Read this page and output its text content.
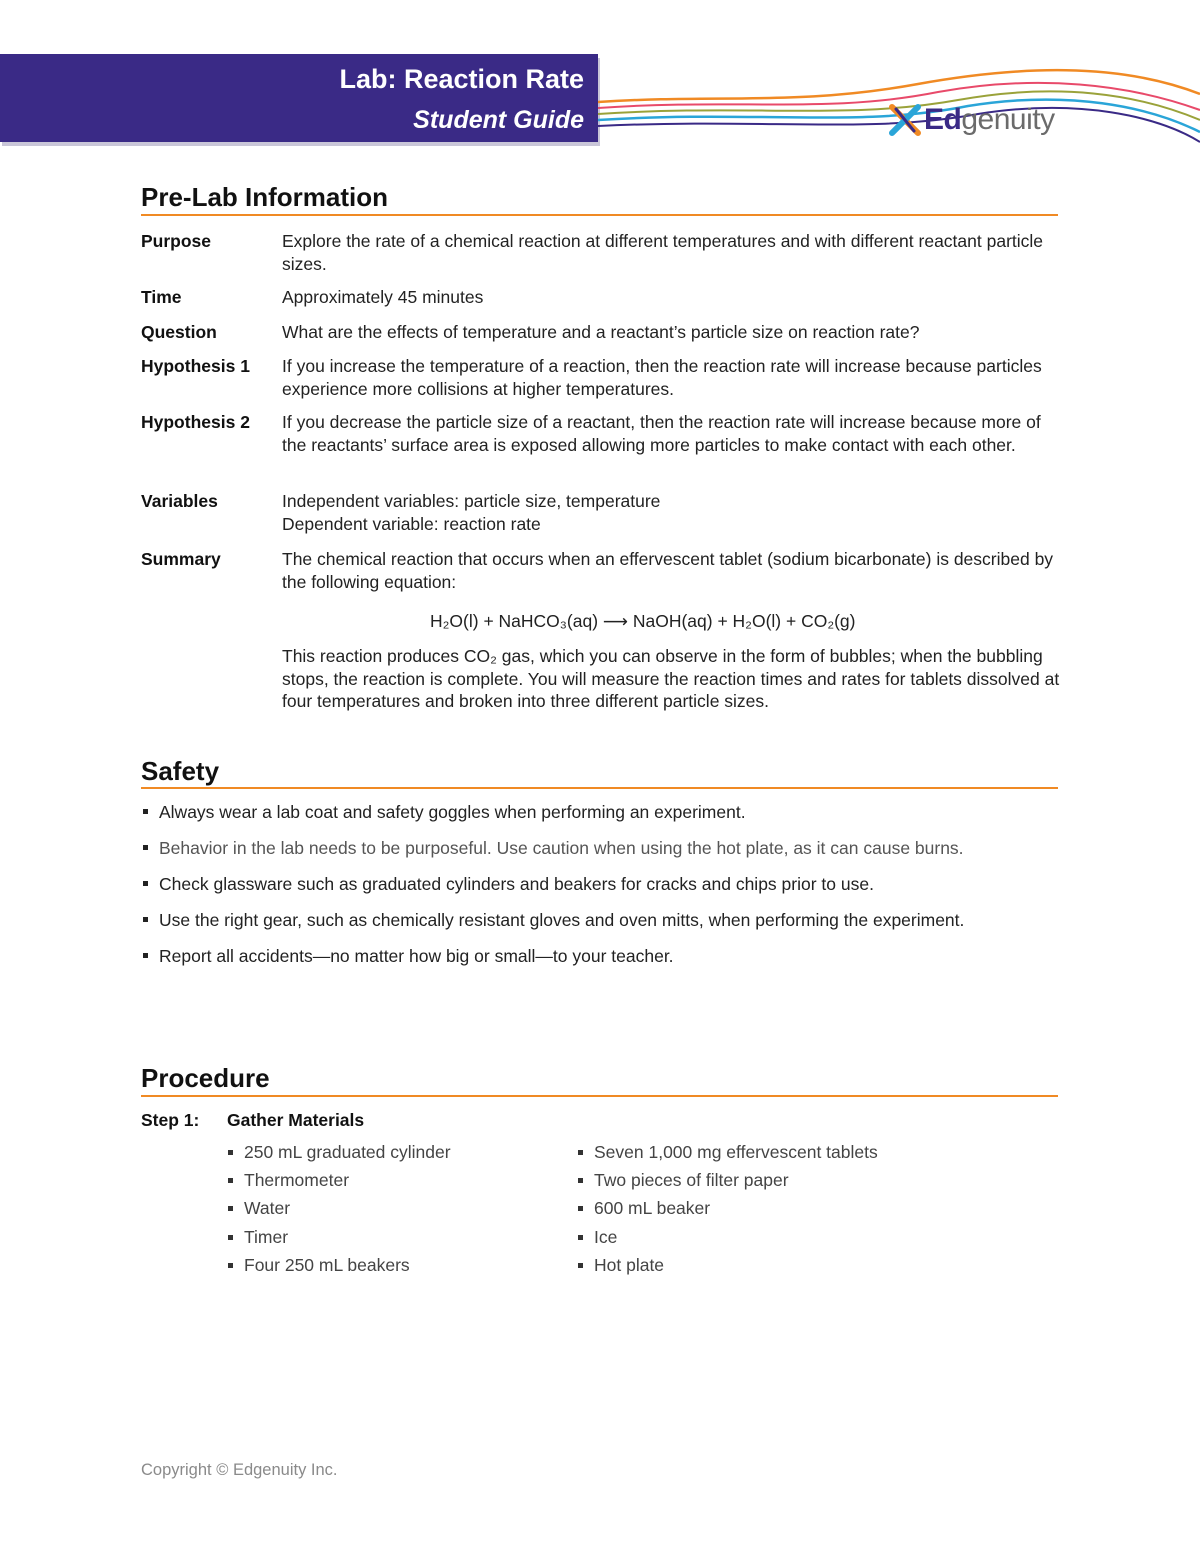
Lab: Reaction Rate
Student Guide	Edgenuity
Pre-Lab Information
Purpose	Explore the rate of a chemical reaction at different temperatures and with different reactant particle sizes.
Time	Approximately 45 minutes
Question	What are the effects of temperature and a reactant’s particle size on reaction rate?
Hypothesis 1 If you increase the temperature of a reaction, then the reaction rate will increase because particles experience more collisions at higher temperatures.
Hypothesis 2 If you decrease the particle size of a reactant, then the reaction rate will increase because more of the reactants’ surface area is exposed allowing more particles to make contact with each other.
Variables	Independent variables: particle size, temperature
Dependent variable: reaction rate
Summary	The chemical reaction that occurs when an effervescent tablet (sodium bicarbonate) is described by the following equation:
H₂O(l) + NaHCO₃(aq) ⟶ NaOH(aq) + H₂O(l) + CO₂(g)
This reaction produces CO₂ gas, which you can observe in the form of bubbles; when the bubbling stops, the reaction is complete. You will measure the reaction times and rates for tablets dissolved at four temperatures and broken into three different particle sizes.
Safety
Always wear a lab coat and safety goggles when performing an experiment.
Behavior in the lab needs to be purposeful. Use caution when using the hot plate, as it can cause burns.
Check glassware such as graduated cylinders and beakers for cracks and chips prior to use.
Use the right gear, such as chemically resistant gloves and oven mitts, when performing the experiment.
Report all accidents—no matter how big or small—to your teacher.
Procedure
Step 1: Gather Materials
250 mL graduated cylinder
Thermometer
Water
Timer
Four 250 mL beakers
Seven 1,000 mg effervescent tablets
Two pieces of filter paper
600 mL beaker
Ice
Hot plate
Copyright © Edgenuity Inc.
